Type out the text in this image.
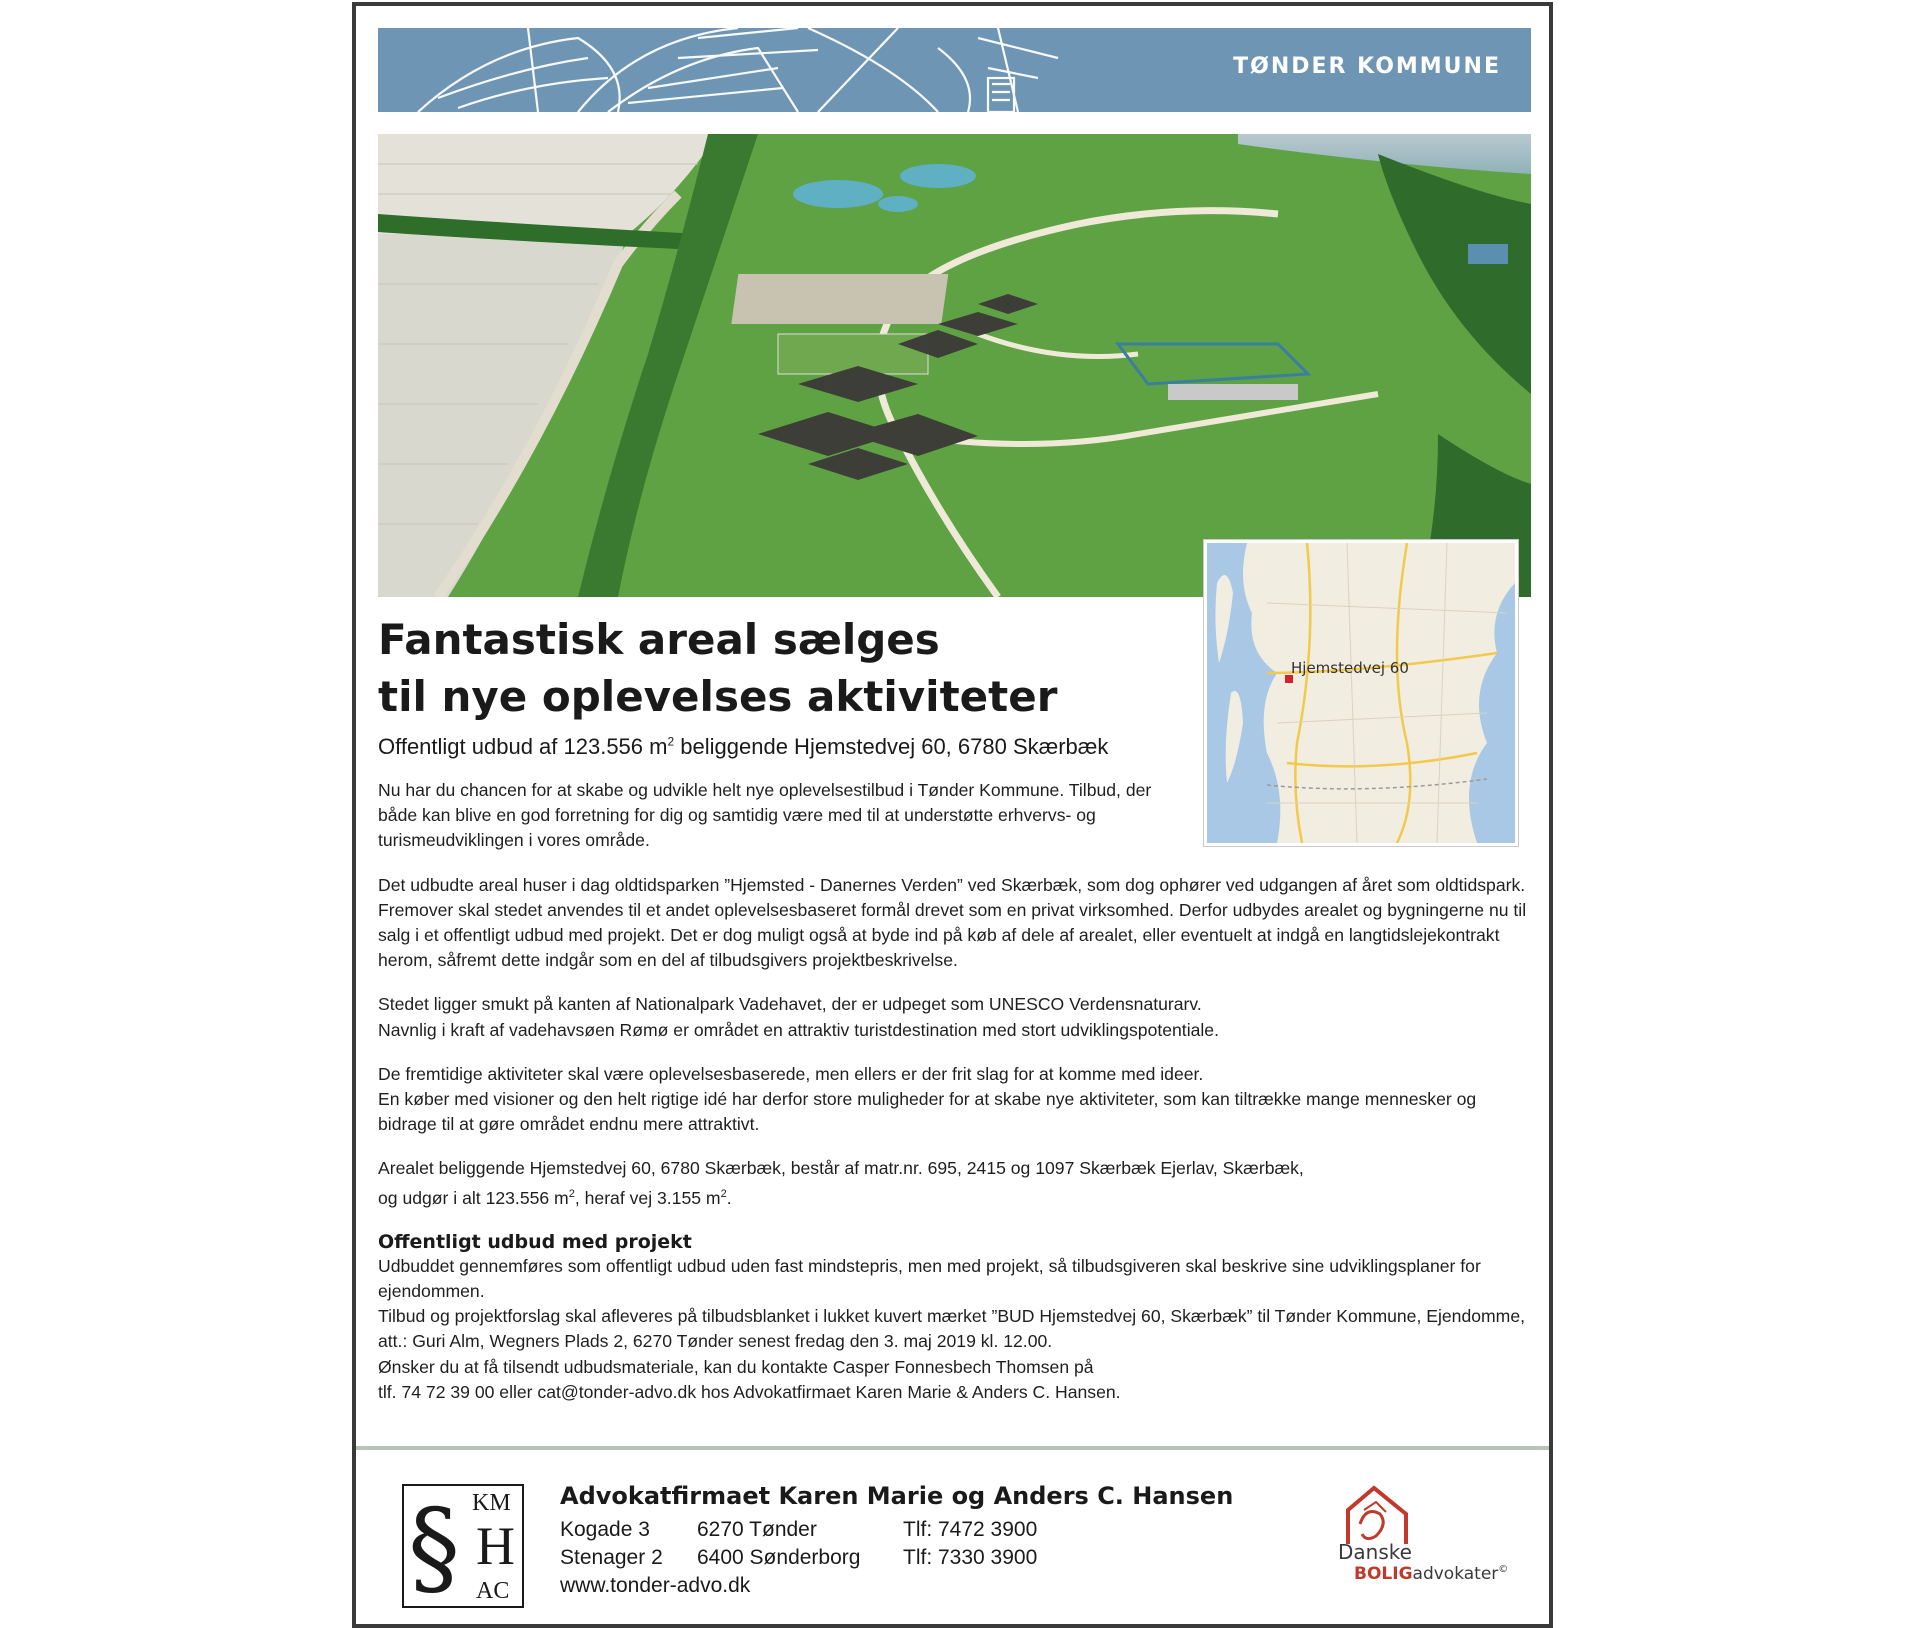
TØNDER KOMMUNE
Hjemstedvej 60
Fantastisk areal sælges
til nye oplevelses aktiviteter
Offentligt udbud af 123.556 $m^2$ beliggende Hjemstedvej 60, 6780 Skærbæk

Nu har du chancen for at skabe og udvikle helt nye oplevelsestilbud i Tønder Kommune. Tilbud, der både kan blive en god forretning for dig og samtidig være med til at understøtte erhvervs- og turismeudviklingen i vores område.

Det udbudte areal huser i dag oldtidsparken ”Hjemsted - Danernes Verden” ved Skærbæk, som dog ophører ved udgangen af året som oldtidspark. Fremover skal stedet anvendes til et andet oplevelsesbaseret formål drevet som en privat virksomhed. Derfor udbydes arealet og bygningerne nu til salg i et offentligt udbud med projekt. Det er dog muligt også at byde ind på køb af dele af arealet, eller eventuelt at indgå en langtidslejekontrakt herom, såfremt dette indgår som en del af tilbudsgivers projektbeskrivelse.

Stedet ligger smukt på kanten af Nationalpark Vadehavet, der er udpeget som UNESCO Verdensnaturarv.
Navnlig i kraft af vadehavsøen Rømø er området en attraktiv turistdestination med stort udviklingspotentiale.

De fremtidige aktiviteter skal være oplevelsesbaserede, men ellers er der frit slag for at komme med ideer.
En køber med visioner og den helt rigtige idé har derfor store muligheder for at skabe nye aktiviteter, som kan tiltrække mange mennesker og bidrage til at gøre området endnu mere attraktivt.

Arealet beliggende Hjemstedvej 60, 6780 Skærbæk, består af matr.nr. 695, 2415 og 1097 Skærbæk Ejerlav, Skærbæk,
og udgør i alt 123.556 $m^2$, heraf vej 3.155 $m^2$.

Offentligt udbud med projekt

Udbuddet gennemføres som offentligt udbud uden fast mindstepris, men med projekt, så tilbudsgiveren skal beskrive sine udviklingsplaner for ejendommen.

Tilbud og projektforslag skal afleveres på tilbudsblanket i lukket kuvert mærket ”BUD Hjemstedvej 60, Skærbæk” til Tønder Kommune, Ejendomme, att.: Guri Alm, Wegners Plads 2, 6270 Tønder senest fredag den 3. maj 2019 kl. 12.00.

Ønsker du at få tilsendt udbudsmateriale, kan du kontakte Casper Fonnesbech Thomsen på
tlf. 74 72 39 00 eller cat@tonder-advo.dk hos Advokatfirmaet Karen Marie & Anders C. Hansen.

§ KM
H
AC
Advokatfirmaet Karen Marie og Anders C. Hansen
Kogade 3 6270 Tønder	Tlf: 7472 3900
Stenager 2 6400 Sønderborg Tlf: 7330 3900
www.tonder-advo.dk
Danske
BOLIGadvokater©
